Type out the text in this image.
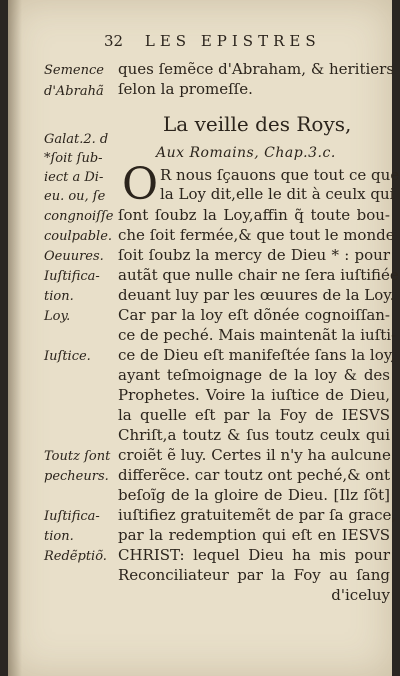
32 LES EPISTRES
Semence ques ſemẽce d'Abraham, & heritiers
d'Abrahã ſelon la promeſſe.
La veille des Roys,
Aux Romains, Chap.3.c.
O R nous ſçauons que tout ce que
la Loy dit,elle le dit à ceulx qui
ſont ſoubz la Loy,affin q̃ toute bou-
che ſoit fermée,& que tout le monde
ſoit ſoubz la mercy de Dieu * : pour
autãt que nulle chair ne ſera iuſtifiée
deuant luy par les œuures de la Loy.
Car par la loy eſt dõnée cognoiſſan-
ce de peché. Mais maintenãt la iuſti-
ce de Dieu eſt manifeſtée ſans la loy,
ayant teſmoignage de la loy & des
Prophetes. Voire la iuſtice de Dieu,
la quelle eſt par la Foy de IESVS
Chriſt,a toutz & ſus toutz ceulx qui
croiẽt ẽ luy. Certes il n'y ha aulcune
differẽce. car toutz ont peché,& ont
beſoĩg de la gloire de Dieu. [Ilz ſõt]
iuſtifiez gratuitemẽt de par ſa grace,
par la redemption qui eſt en IESVS
CHRIST: lequel Dieu ha mis pour
Reconciliateur par la Foy au ſang
d'iceluy
Galat.2. d
*ſoit ſub-
iect a Di-
eu. ou, ſe
congnoiſſe
coulpable.
Oeuures.
Iuſtifica-
tion.
Loy.
Iuſtice.
Toutz ſont
pecheurs.
Iuſtifica-
tion.
Redẽptiõ.
